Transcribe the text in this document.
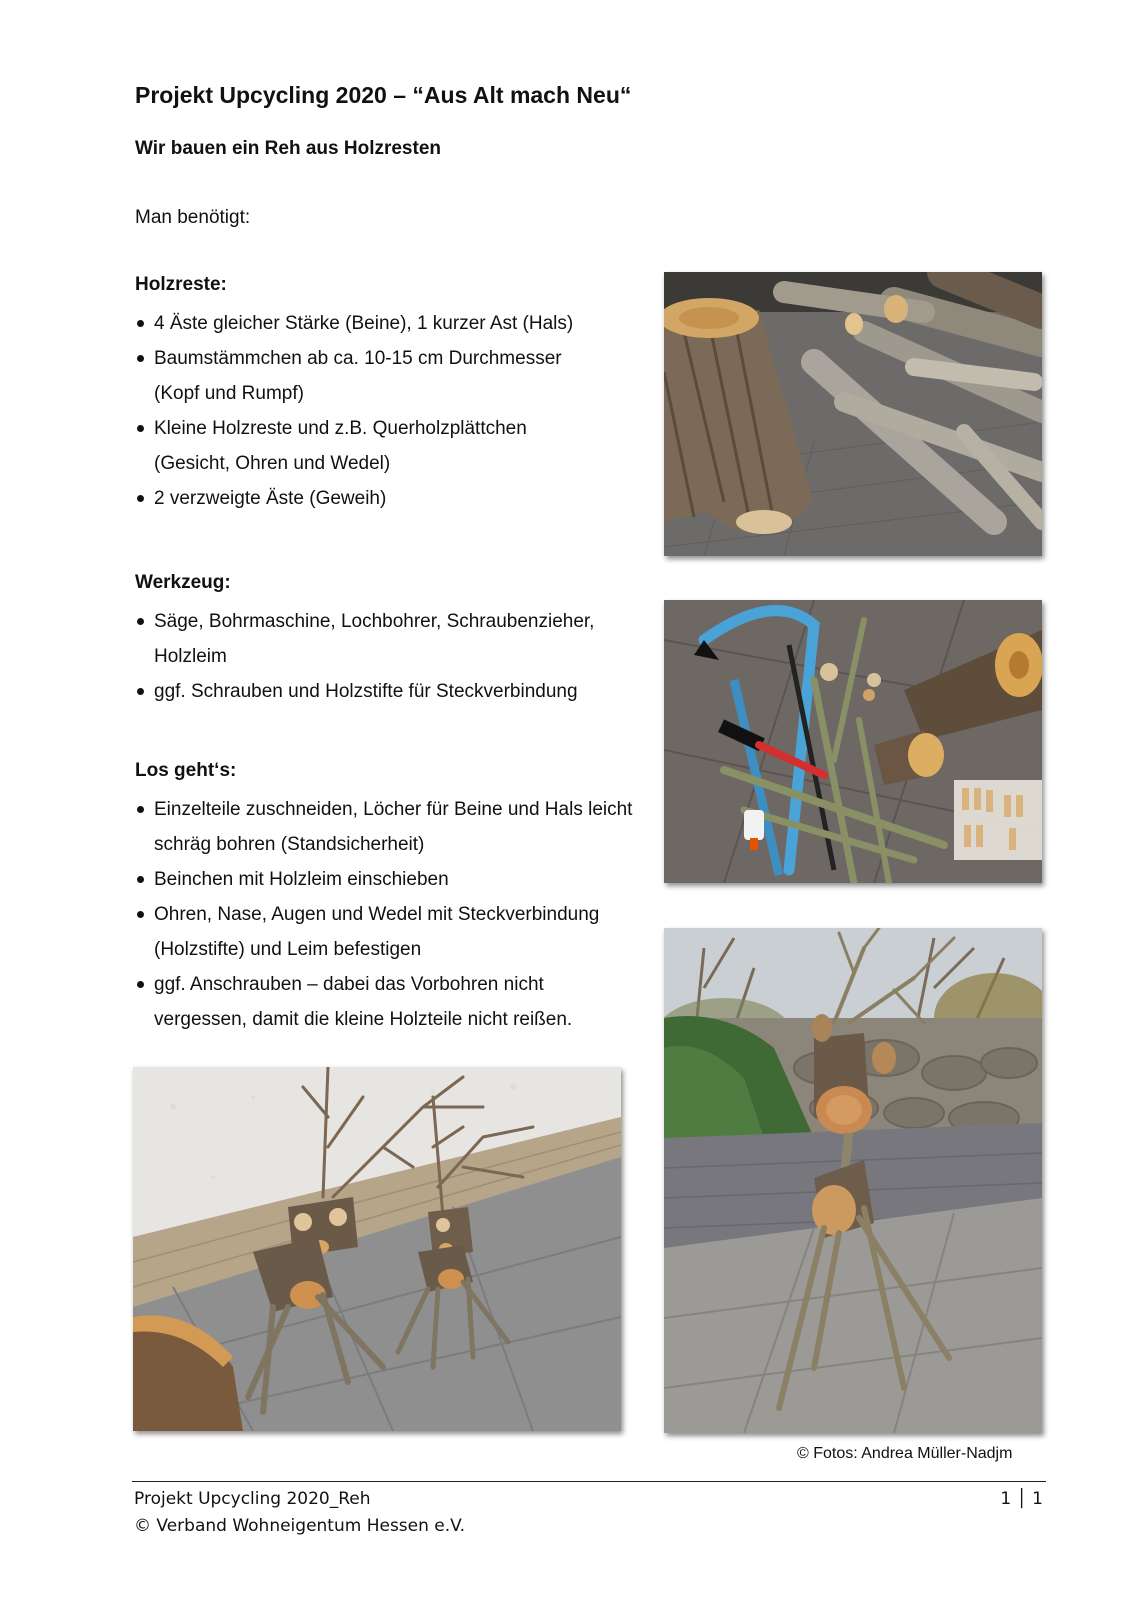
Projekt Upcycling 2020 – “Aus Alt mach Neu“
Wir bauen ein Reh aus Holzresten
Man benötigt:
Holzreste:
4 Äste gleicher Stärke (Beine), 1 kurzer Ast (Hals)
Baumstämmchen ab ca. 10-15 cm Durchmesser (Kopf und Rumpf)
Kleine Holzreste und z.B. Querholzplättchen (Gesicht, Ohren und Wedel)
2 verzweigte Äste (Geweih)
Werkzeug:
Säge, Bohrmaschine, Lochbohrer, Schraubenzieher, Holzleim
ggf. Schrauben und Holzstifte für Steckverbindung
Los geht‘s:
Einzelteile zuschneiden, Löcher für Beine und Hals leicht schräg bohren (Standsicherheit)
Beinchen mit Holzleim einschieben
Ohren, Nase, Augen und Wedel mit Steckverbindung (Holzstifte) und Leim befestigen
ggf. Anschrauben – dabei das Vorbohren nicht vergessen, damit die kleine Holzteile nicht reißen.
© Fotos: Andrea Müller-Nadjm
Projekt Upcycling 2020_Reh
© Verband Wohneigentum Hessen e.V.
1 │ 1
